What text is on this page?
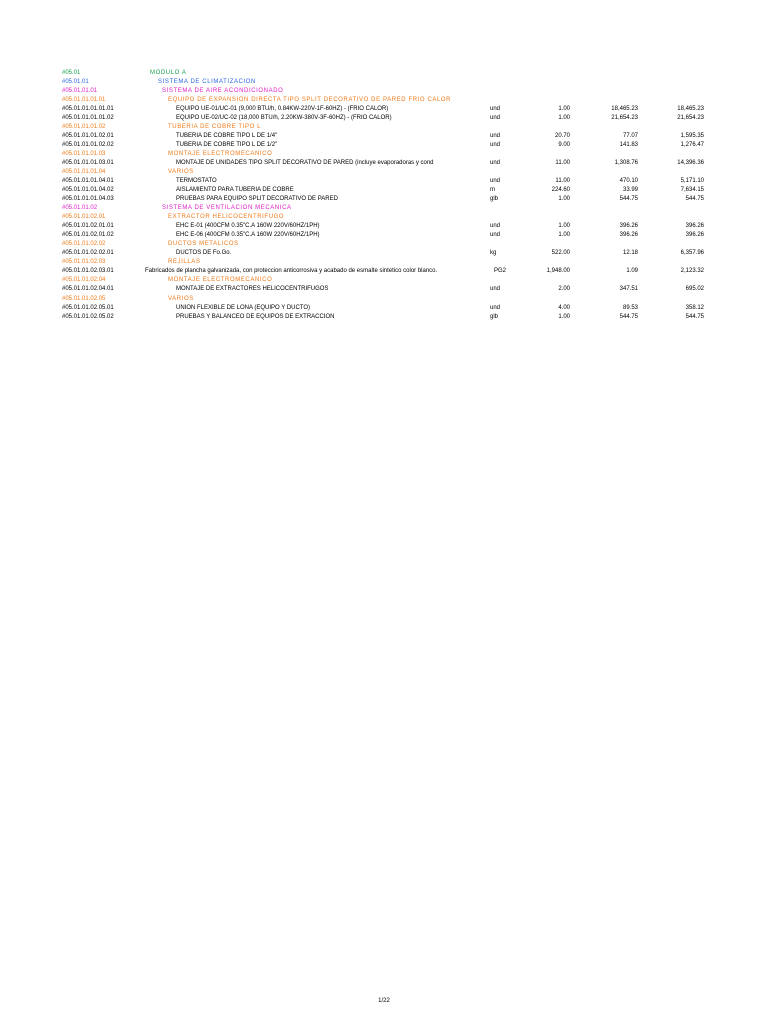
#05.01	MODULO A
#05.01.01	SISTEMA DE CLIMATIZACION
#05.01.01.01	SISTEMA DE AIRE ACONDICIONADO
#05.01.01.01.01	EQUIPO DE EXPANSION DIRECTA TIPO SPLIT DECORATIVO DE PARED FRIO CALOR
#05.01.01.01.01.01	EQUIPO UE-01/UC-01 (9,000 BTU/h, 0.84KW-220V-1F-60HZ) - (FRIO CALOR)	und	1.00	18,465.23	18,465.23
#05.01.01.01.01.02	EQUIPO UE-02/UC-02 (18,000 BTU/h, 2.20KW-380V-3F-60HZ) - (FRIO CALOR)	und	1.00	21,654.23	21,654.23
#05.01.01.01.02	TUBERIA DE COBRE TIPO L
#05.01.01.01.02.01	TUBERIA DE COBRE TIPO L DE 1/4"	und	20.70	77.07	1,595.35
#05.01.01.01.02.02	TUBERIA DE COBRE TIPO L DE 1/2"	und	9.00	141.83	1,276.47
#05.01.01.01.03	MONTAJE ELECTROMECANICO
#05.01.01.01.03.01	MONTAJE DE UNIDADES TIPO SPLIT DECORATIVO DE PARED (incluye evaporadoras y cond	und	11.00	1,308.76	14,396.36
#05.01.01.01.04	VARIOS
#05.01.01.01.04.01	TERMOSTATO	und	11.00	470.10	5,171.10
#05.01.01.01.04.02	AISLAMIENTO PARA TUBERIA DE COBRE	m	224.60	33.99	7,634.15
#05.01.01.01.04.03	PRUEBAS PARA EQUIPO SPLIT DECORATIVO DE PARED	glb	1.00	544.75	544.75
#05.01.01.02	SISTEMA DE VENTILACION MECANICA
#05.01.01.02.01	EXTRACTOR HELICOCENTRIFUGO
#05.01.01.02.01.01	EHC E-01 (400CFM 0.35"C.A 160W 220V/60HZ/1PH)	und	1.00	396.26	396.26
#05.01.01.02.01.02	EHC E-06 (400CFM 0.35"C.A 160W 220V/60HZ/1PH)	und	1.00	396.26	396.26
#05.01.01.02.02	DUCTOS METALICOS
#05.01.01.02.02.01	DUCTOS DE Fo.Go.	kg	522.00	12.18	6,357.96
#05.01.01.02.03	REJILLAS
#05.01.01.02.03.01	Fabricados de plancha galvanizada, con proteccion anticorrosiva y acabado de esmalte sintetico color blanco.	PG2	1,948.00	1.09	2,123.32
#05.01.01.02.04	MONTAJE ELECTROMECANICO
#05.01.01.02.04.01	MONTAJE DE EXTRACTORES HELICOCENTRIFUGOS	und	2.00	347.51	695.02
#05.01.01.02.05	VARIOS
#05.01.01.02.05.01	UNION FLEXIBLE DE LONA (EQUIPO Y DUCTO)	und	4.00	89.53	358.12
#05.01.01.02.05.02	PRUEBAS Y BALANCEO DE EQUIPOS DE EXTRACCION	glb	1.00	544.75	544.75
1/22
